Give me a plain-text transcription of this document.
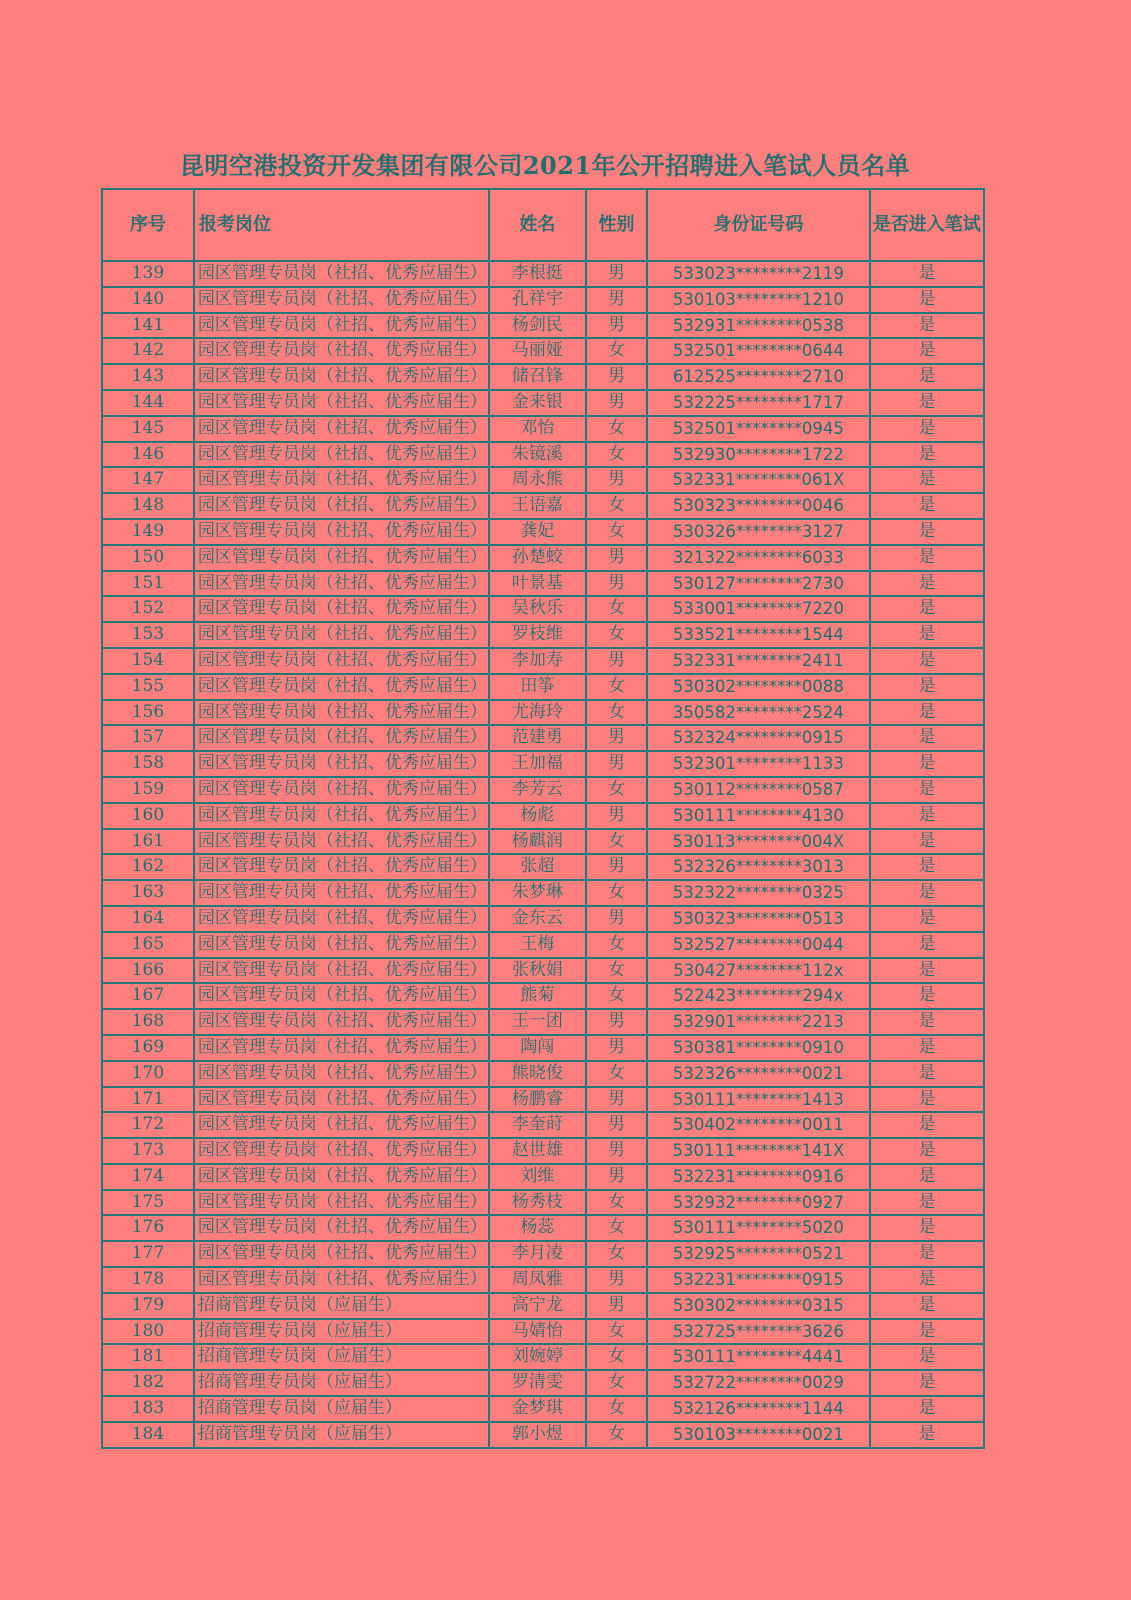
昆明空港投资开发集团有限公司2021年公开招聘进入笔试人员名单
序号	报考岗位	姓名	性别	身份证号码	是否进入笔试
139	园区管理专员岗（社招、优秀应届生）	李根挺	男	533023********2119	是
140	园区管理专员岗（社招、优秀应届生）	孔祥宇	男	530103********1210	是
141	园区管理专员岗（社招、优秀应届生）	杨剑民	男	532931********0538	是
142	园区管理专员岗（社招、优秀应届生）	马丽娅	女	532501********0644	是
143	园区管理专员岗（社招、优秀应届生）	储召锋	男	612525********2710	是
144	园区管理专员岗（社招、优秀应届生）	金来银	男	532225********1717	是
145	园区管理专员岗（社招、优秀应届生）	邓怡	女	532501********0945	是
146	园区管理专员岗（社招、优秀应届生）	朱镜溪	女	532930********1722	是
147	园区管理专员岗（社招、优秀应届生）	周永熊	男	532331********061X	是
148	园区管理专员岗（社招、优秀应届生）	王语嘉	女	530323********0046	是
149	园区管理专员岗（社招、优秀应届生）	龚妃	女	530326********3127	是
150	园区管理专员岗（社招、优秀应届生）	孙楚蛟	男	321322********6033	是
151	园区管理专员岗（社招、优秀应届生）	叶景基	男	530127********2730	是
152	园区管理专员岗（社招、优秀应届生）	吴秋乐	女	533001********7220	是
153	园区管理专员岗（社招、优秀应届生）	罗枝维	女	533521********1544	是
154	园区管理专员岗（社招、优秀应届生）	李加寿	男	532331********2411	是
155	园区管理专员岗（社招、优秀应届生）	田筝	女	530302********0088	是
156	园区管理专员岗（社招、优秀应届生）	尤海玲	女	350582********2524	是
157	园区管理专员岗（社招、优秀应届生）	范建勇	男	532324********0915	是
158	园区管理专员岗（社招、优秀应届生）	王加福	男	532301********1133	是
159	园区管理专员岗（社招、优秀应届生）	李芳云	女	530112********0587	是
160	园区管理专员岗（社招、优秀应届生）	杨彪	男	530111********4130	是
161	园区管理专员岗（社招、优秀应届生）	杨麒润	女	530113********004X	是
162	园区管理专员岗（社招、优秀应届生）	张超	男	532326********3013	是
163	园区管理专员岗（社招、优秀应届生）	朱梦琳	女	532322********0325	是
164	园区管理专员岗（社招、优秀应届生）	金东云	男	530323********0513	是
165	园区管理专员岗（社招、优秀应届生）	王梅	女	532527********0044	是
166	园区管理专员岗（社招、优秀应届生）	张秋娟	女	530427********112x	是
167	园区管理专员岗（社招、优秀应届生）	熊菊	女	522423********294x	是
168	园区管理专员岗（社招、优秀应届生）	王一团	男	532901********2213	是
169	园区管理专员岗（社招、优秀应届生）	陶闯	男	530381********0910	是
170	园区管理专员岗（社招、优秀应届生）	熊晓俊	女	532326********0021	是
171	园区管理专员岗（社招、优秀应届生）	杨鹏睿	男	530111********1413	是
172	园区管理专员岗（社招、优秀应届生）	李奎莳	男	530402********0011	是
173	园区管理专员岗（社招、优秀应届生）	赵世雄	男	530111********141X	是
174	园区管理专员岗（社招、优秀应届生）	刘维	男	532231********0916	是
175	园区管理专员岗（社招、优秀应届生）	杨秀枝	女	532932********0927	是
176	园区管理专员岗（社招、优秀应届生）	杨蕊	女	530111********5020	是
177	园区管理专员岗（社招、优秀应届生）	李月凌	女	532925********0521	是
178	园区管理专员岗（社招、优秀应届生）	周凤雅	男	532231********0915	是
179	招商管理专员岗（应届生）	高宁龙	男	530302********0315	是
180	招商管理专员岗（应届生）	马婧怡	女	532725********3626	是
181	招商管理专员岗（应届生）	刘婉婷	女	530111********4441	是
182	招商管理专员岗（应届生）	罗清雯	女	532722********0029	是
183	招商管理专员岗（应届生）	金梦琪	女	532126********1144	是
184	招商管理专员岗（应届生）	郭小煜	女	530103********0021	是
